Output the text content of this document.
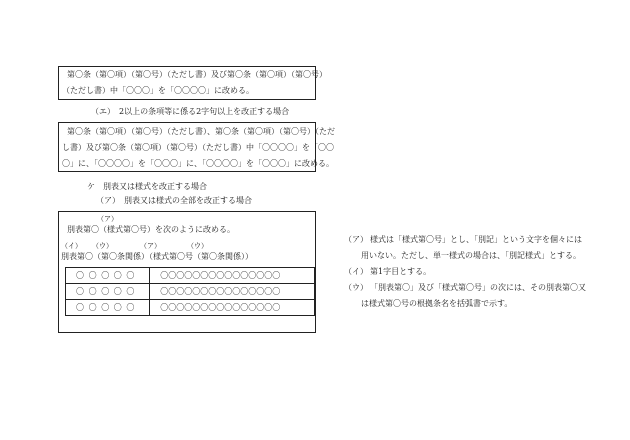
第〇条（第〇項）（第〇号）（ただし書）及び第〇条（第〇項）（第〇号）
（ただし書）中「〇〇〇」を「〇〇〇〇」に改める。
（エ）　2以上の条項等に係る2字句以上を改正する場合
第〇条（第〇項）（第〇号）（ただし書）、第〇条（第〇項）（第〇号）（ただ
し書）及び第〇条（第〇項）（第〇号）（ただし書）中「〇〇〇〇」を「〇〇
〇」に、「〇〇〇〇」を「〇〇〇」に、「〇〇〇〇」を「〇〇〇」に改める。
ケ　別表又は様式を改正する場合
（ア）　別表又は様式の全部を改正する場合
（ア）
別表第〇（様式第〇号）を次のように改める。
（イ） （ウ）	（ア）	（ウ）
別表第〇（第〇条関係）（様式第〇号（第〇条関係））
〇〇〇〇〇	〇〇〇〇〇〇〇〇〇〇〇〇〇〇〇
〇〇〇〇〇	〇〇〇〇〇〇〇〇〇〇〇〇〇〇〇
〇〇〇〇〇	〇〇〇〇〇〇〇〇〇〇〇〇〇〇〇
（ア） 様式は「様式第〇号」とし、「別記」という文字を個々には
用いない。ただし、単一様式の場合は、「別記様式」とする。
（イ） 第1字目とする。
（ウ） 「別表第〇」及び「様式第〇号」の次には、その別表第〇又
は様式第〇号の根拠条名を括弧書で示す。
